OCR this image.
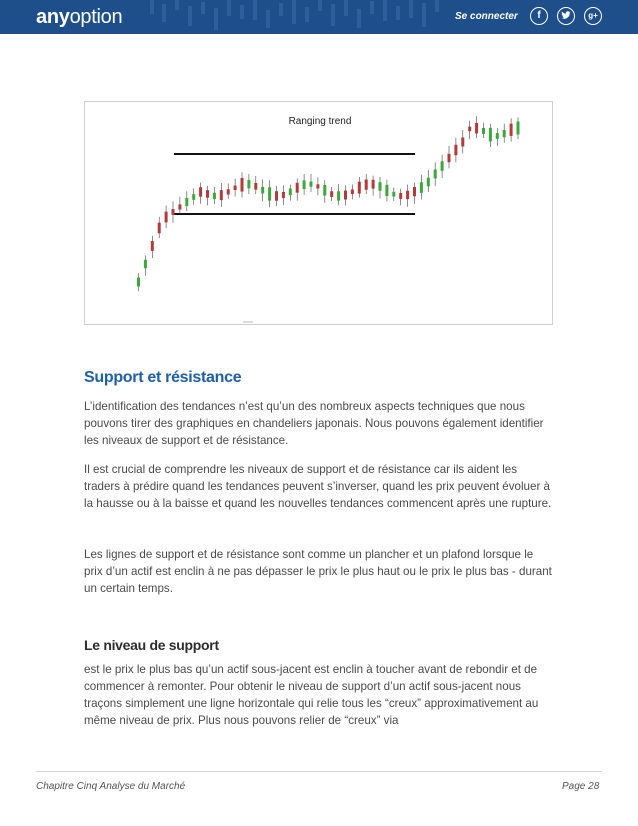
anyoption	Se connecter	f	g+
Ranging trend
Support et résistance

L’identification des tendances n’est qu’un des nombreux aspects techniques que nous pouvons tirer des graphiques en chandeliers japonais. Nous pouvons également identifier les niveaux de support et de résistance.

Il est crucial de comprendre les niveaux de support et de résistance car ils aident les traders à prédire quand les tendances peuvent s’inverser, quand les prix peuvent évoluer à la hausse ou à la baisse et quand les nouvelles tendances commencent après une rupture.

Les lignes de support et de résistance sont comme un plancher et un plafond lorsque le prix d’un actif est enclin à ne pas dépasser le prix le plus haut ou le prix le plus bas - durant un certain temps.

Le niveau de support

est le prix le plus bas qu’un actif sous-jacent est enclin à toucher avant de rebondir et de commencer à remonter. Pour obtenir le niveau de support d’un actif sous-jacent nous traçons simplement une ligne horizontale qui relie tous les “creux” approximativement au même niveau de prix. Plus nous pouvons relier de “creux” via

Chapitre Cinq Analyse du Marché	Page 28
